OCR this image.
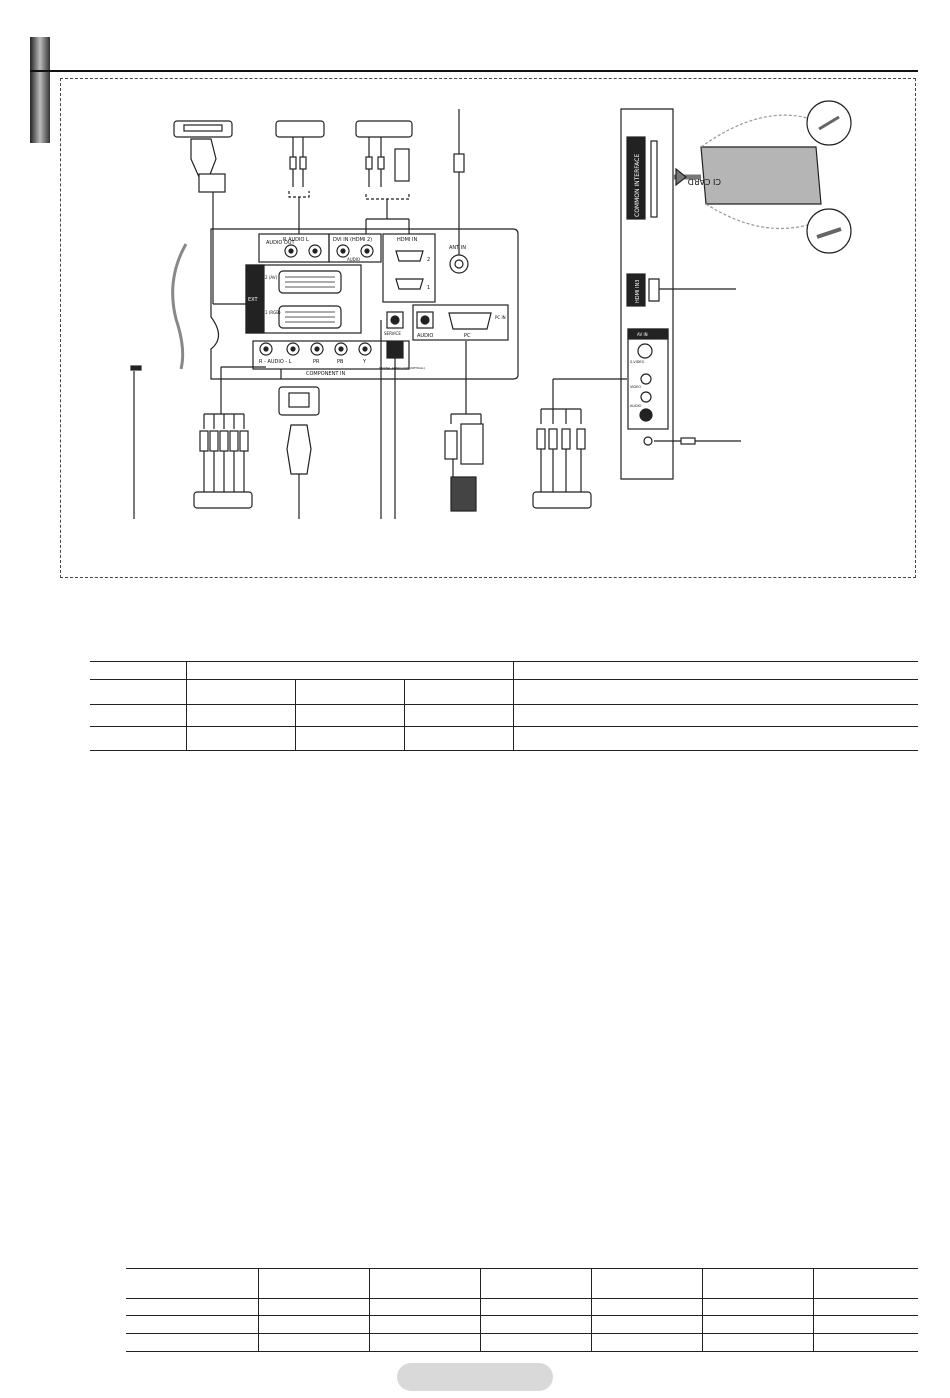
AUDIO OUT
R AUDIO L	DVI IN (HDMI 2)
AUDIO
HDMI IN
2
1
ANT IN
EXT
2 (AV)
1 (RGB)
PC IN
PC
AUDIO
SERVICE
DIGITAL AUDIO OUT (OPTICAL)
R - AUDIO - L	PR	PB	Y
COMPONENT IN
COMMON INTERFACE	CI CARD
HDMI IN3
AV IN
S-VIDEO
VIDEO
AUDIO
